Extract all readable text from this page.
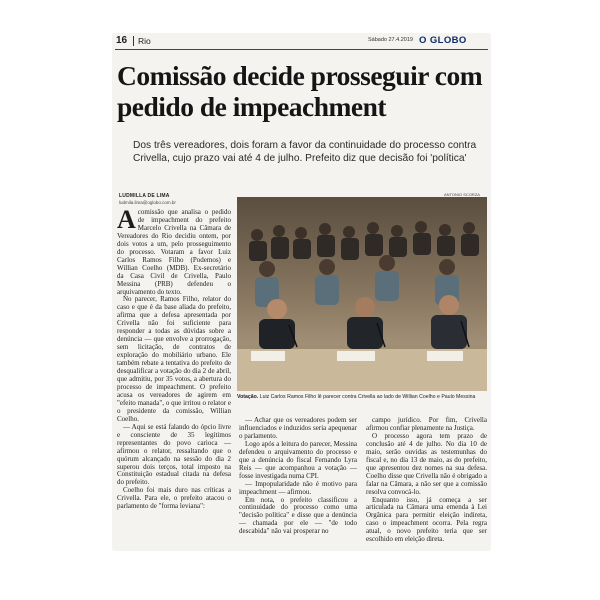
16 Rio	Sábado 27.4.2019 O GLOBO
Comissão decide prosseguir com pedido de impeachment

Dos três vereadores, dois foram a favor da continuidade do processo contra Crivella, cujo prazo vai até 4 de julho. Prefeito diz que decisão foi 'política'

LUDMILLA DE LIMA
ludmila.lima@oglobo.com.br
ANTONIO SCORZA
Votação. Luiz Carlos Ramos Filho lê parecer contra Crivella ao lado de Willian Coelho e Paulo Messina

Acomissão que analisa o pedido de impeachment do prefeito Marcelo Crivella na Câmara de Vereadores do Rio decidiu ontem, por dois votos a um, pelo prosseguimento do processo. Votaram a favor Luiz Carlos Ramos Filho (Podemos) e Willian Coelho (MDB). Ex-secretário da Casa Civil de Crivella, Paulo Messina (PRB) defendeu o arquivamento do texto.

No parecer, Ramos Filho, relator do caso e que é da base aliada do prefeito, afirma que a defesa apresentada por Crivella não foi suficiente para responder a todas as dúvidas sobre a denúncia — que envolve a prorrogação, sem licitação, de contratos de exploração do mobiliário urbano. Ele também rebate a tentativa do prefeito de desqualificar a votação do dia 2 de abril, que admitiu, por 35 votos, a abertura do processo de impeachment. O prefeito acusa os vereadores de agirem em "efeito manada", o que irritou o relator e o presidente da comissão, Willian Coelho.

— Aqui se está falando do ópcio livre e consciente de 35 legítimos representantes do povo carioca — afirmou o relator, ressaltando que o quórum alcançado na sessão do dia 2 superou dois terços, total imposto na Constituição estadual citada na defesa do prefeito.

Coelho foi mais duro nas críticas a Crivella. Para ele, o prefeito atacou o parlamento de "forma leviana":

— Achar que os vereadores podem ser influenciados e induzidos seria apequenar o parlamento.

Logo após a leitura do parecer, Messina defendeu o arquivamento do processo e que a denúncia do fiscal Fernando Lyra Reis — que acompanhou a votação — fosse investigada numa CPI.

— Impopularidade não é motivo para impeachment — afirmou.

Em nota, o prefeito classificou a continuidade do processo como uma "decisão política" e disse que a denúncia — chamada por ele — "de todo descabida" não vai prosperar no

campo jurídico. Por fim, Crivella afirmou confiar plenamente na Justiça.

O processo agora tem prazo de conclusão até 4 de julho. No dia 10 de maio, serão ouvidas as testemunhas do fiscal e, no dia 13 de maio, as do prefeito, que apresentou dez nomes na sua defesa. Coelho disse que Crivella não é obrigado a falar na Câmara, a não ser que a comissão resolva convocá-lo.

Enquanto isso, já começa a ser articulada na Câmara uma emenda à Lei Orgânica para permitir eleição indireta, caso o impeachment ocorra. Pela regra atual, o novo prefeito teria que ser escolhido em eleição direta.
